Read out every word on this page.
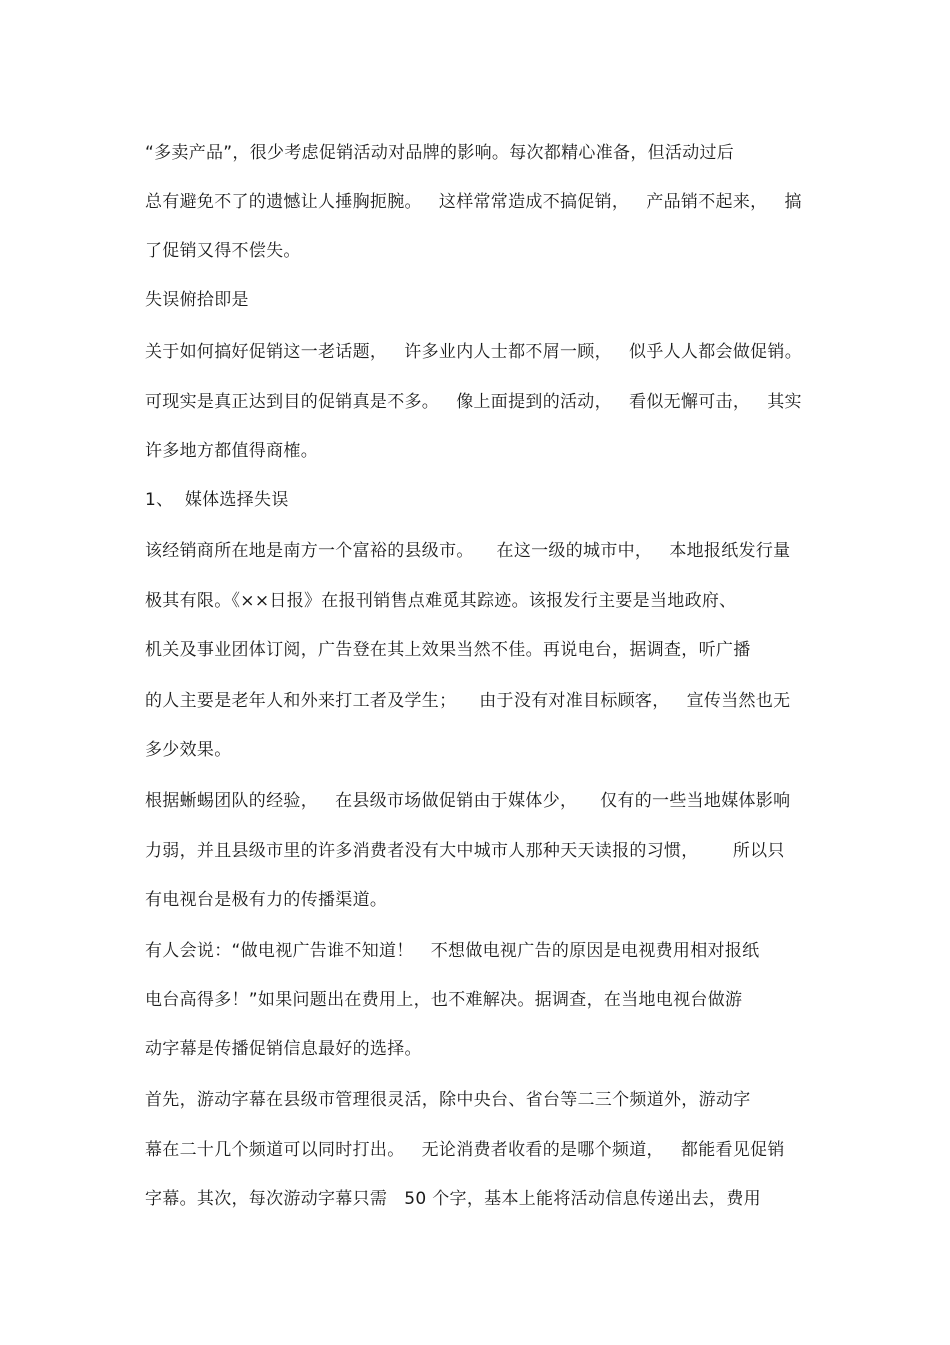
“多卖产品”，很少考虑促销活动对品牌的影响。每次都精心准备，但活动过后
总有避免不了的遗憾让人捶胸扼腕。   这样常常造成不搞促销，   产品销不起来，   搞
了促销又得不偿失。
失误俯拾即是
关于如何搞好促销这一老话题，   许多业内人士都不屑一顾，   似乎人人都会做促销。
可现实是真正达到目的促销真是不多。   像上面提到的活动，   看似无懈可击，   其实
许多地方都值得商榷。
1、  媒体选择失误
该经销商所在地是南方一个富裕的县级市。    在这一级的城市中，   本地报纸发行量
极其有限。《××日报》在报刊销售点难觅其踪迹。该报发行主要是当地政府、
机关及事业团体订阅，广告登在其上效果当然不佳。再说电台，据调查，听广播
的人主要是老年人和外来打工者及学生；    由于没有对准目标顾客，   宣传当然也无
多少效果。
根据蜥蜴团队的经验，   在县级市场做促销由于媒体少，    仅有的一些当地媒体影响
力弱，并且县级市里的许多消费者没有大中城市人那种天天读报的习惯，      所以只
有电视台是极有力的传播渠道。
有人会说：“做电视广告谁不知道！   不想做电视广告的原因是电视费用相对报纸
电台高得多！”如果问题出在费用上，也不难解决。据调查，在当地电视台做游
动字幕是传播促销信息最好的选择。
首先，游动字幕在县级市管理很灵活，除中央台、省台等二三个频道外，游动字
幕在二十几个频道可以同时打出。   无论消费者收看的是哪个频道，   都能看见促销
字幕。其次，每次游动字幕只需   50 个字，基本上能将活动信息传递出去，费用
